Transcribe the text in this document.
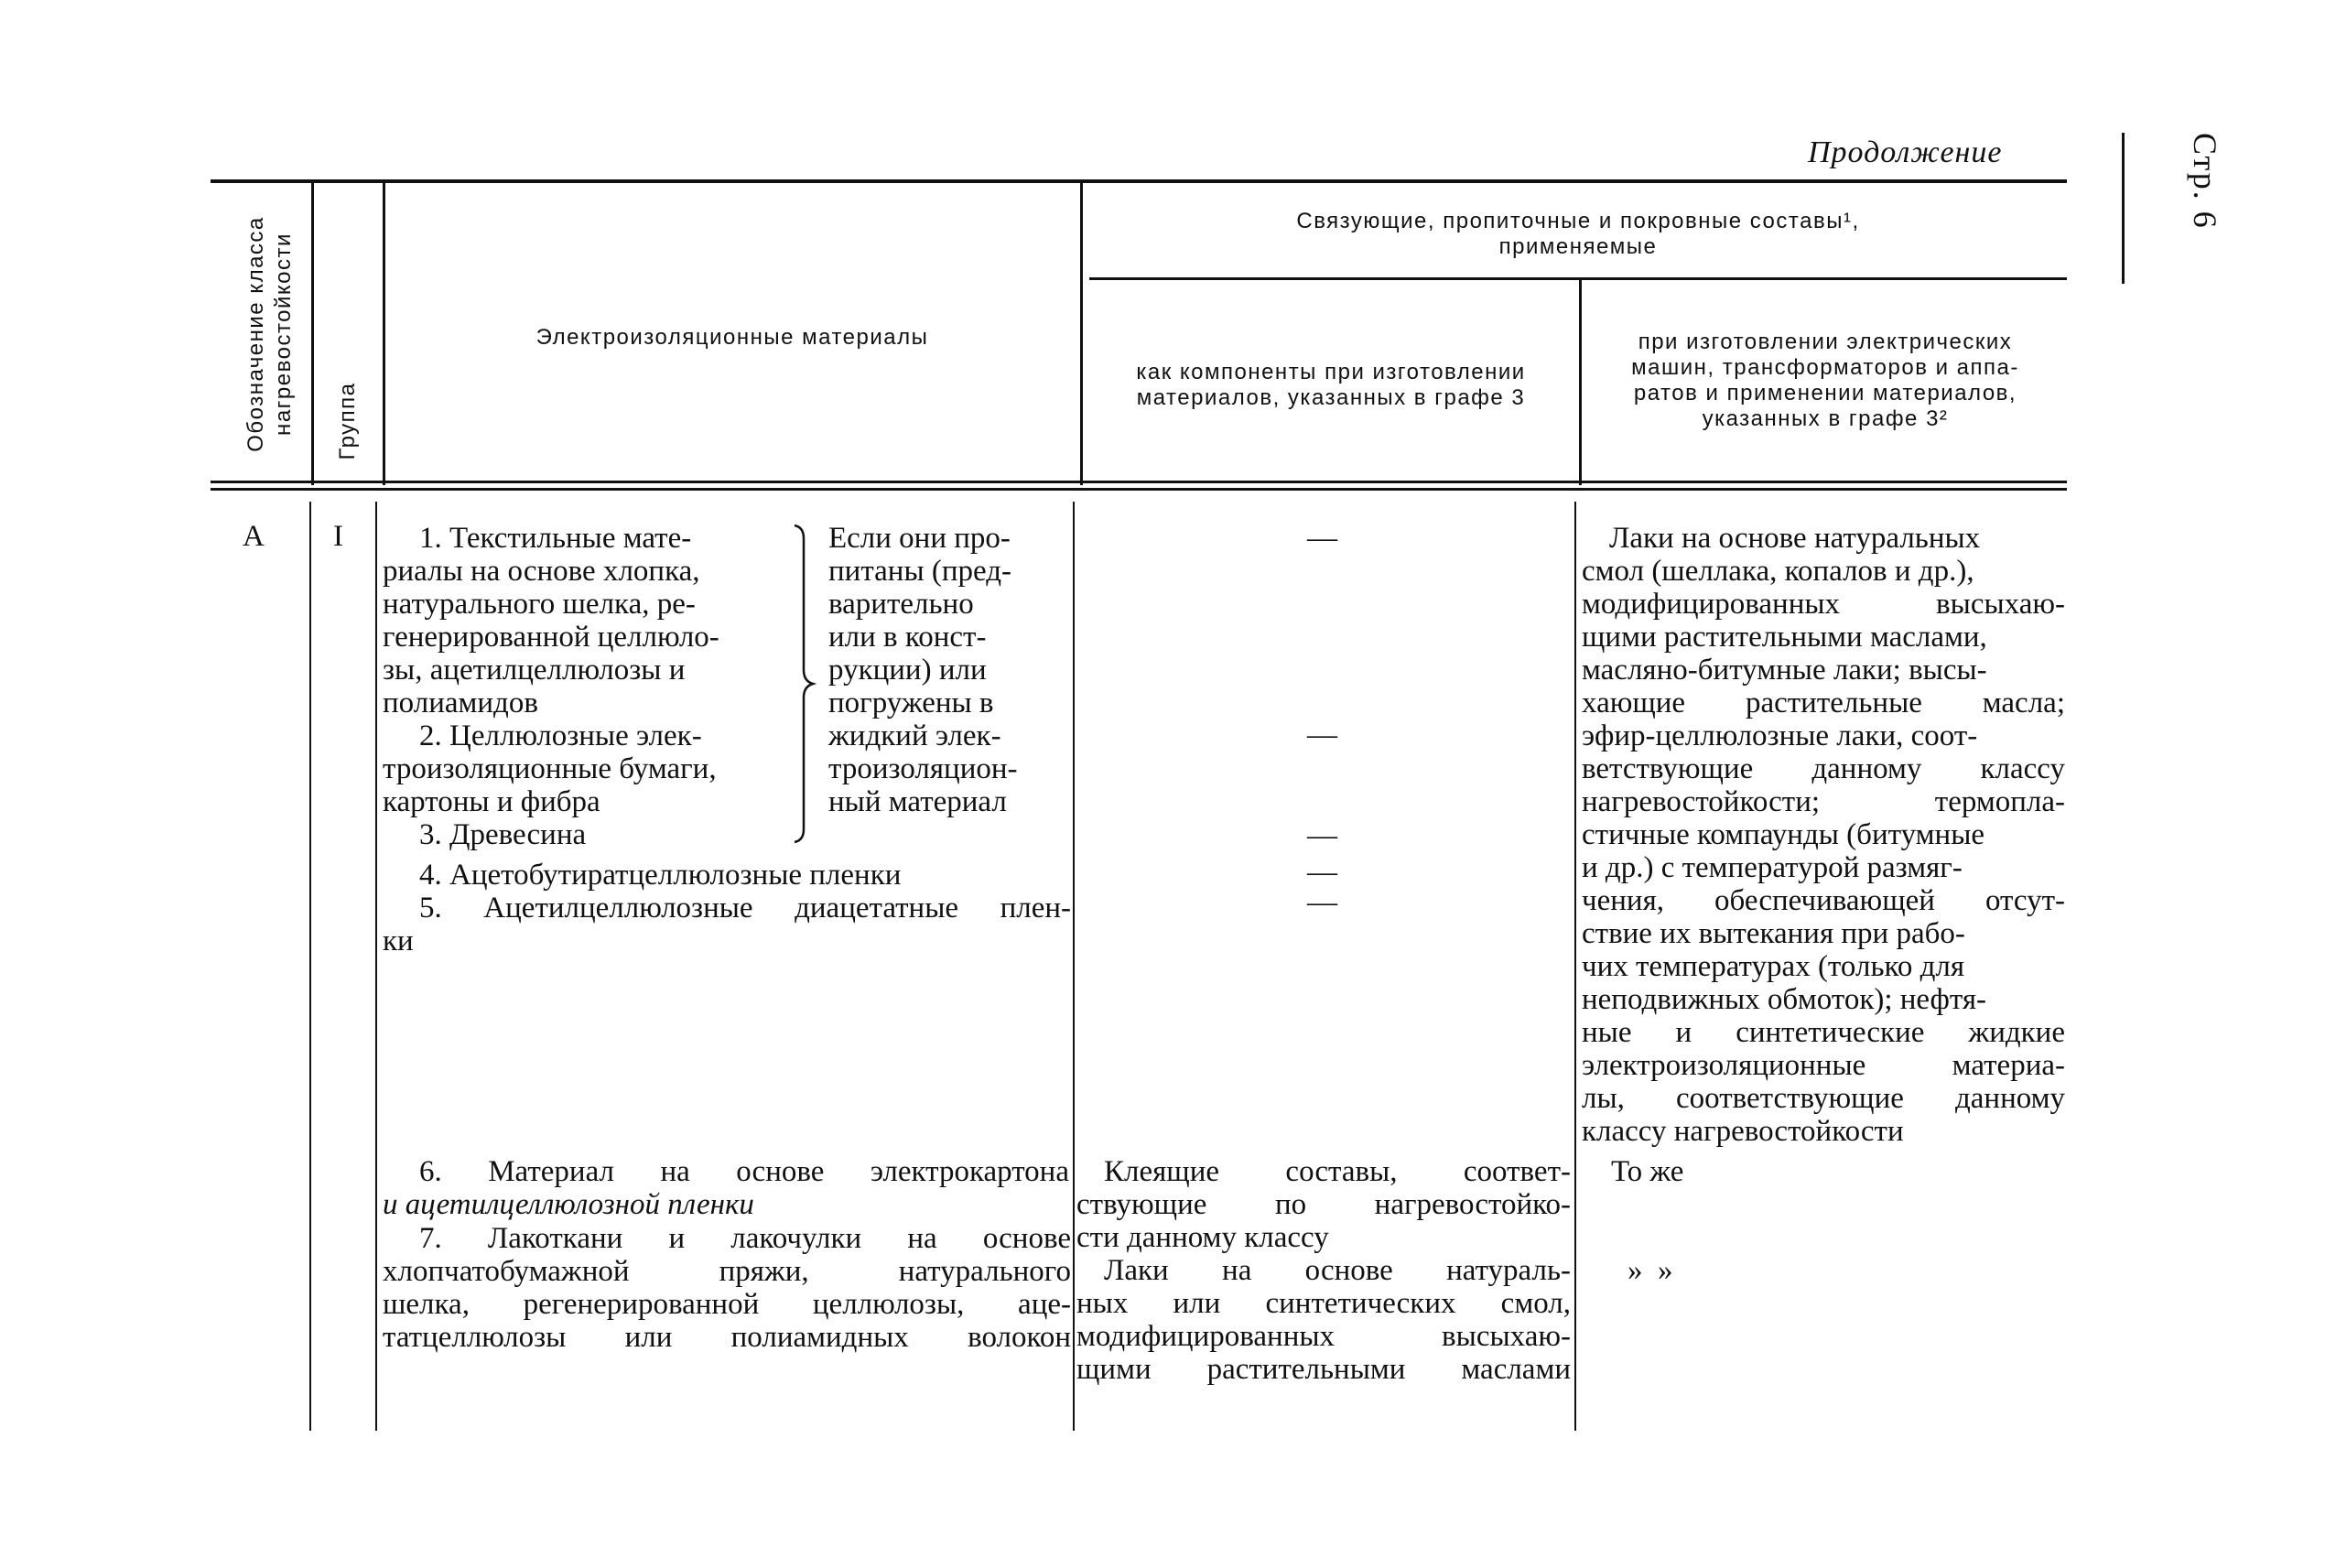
Продолжение	Стр. 6
Обозначение класса нагревостойкости Группа
Электроизоляционные материалы
Связующие, пропиточные и покровные составы¹,
применяемые
как компоненты при изготовлении
материалов, указанных в графе 3
при изготовлении электрических
машин, трансформаторов и аппа-
ратов и применении материалов,
указанных в графе 3²
А I	1. Текстильные мате-
риалы на основе хлопка,
натурального шелка, ре-
генерированной целлюло-
зы, ацетилцеллюлозы и
полиамидов
2. Целлюлозные элек-
троизоляционные бумаги,
картоны и фибра
3. Древесина
Если они про-
питаны (пред-
варительно
или в конст-
рукции) или
погружены в
жидкий элек-
троизоляцион-
ный материал
4. Ацетобутиратцеллюлозные пленки
5. Ацетилцеллюлозные диацетатные плен-
ки
—
—
—
—
—
Лаки на основе натуральных
смол (шеллака, копалов и др.),
модифицированных высыхаю-
щими растительными маслами,
масляно-битумные лаки; высы-
хающие растительные масла;
эфир-целлюлозные лаки, соот-
ветствующие данному классу
нагревостойкости; термопла-
стичные компаунды (битумные
и др.) с температурой размяг-
чения, обеспечивающей отсут-
ствие их вытекания при рабо-
чих температурах (только для
неподвижных обмоток); нефтя-
ные и синтетические жидкие
электроизоляционные материа-
лы, соответствующие данному
классу нагревостойкости
6. Материал на основе электрокартона
и ацетилцеллюлозной пленки
7. Лакоткани и лакочулки на основе
хлопчатобумажной пряжи, натурального
шелка, регенерированной целлюлозы, аце-
татцеллюлозы или полиамидных волокон
Клеящие составы, соответ-
ствующие по нагревостойко-
сти данному классу
Лаки на основе натураль-
ных или синтетических смол,
модифицированных высыхаю-
щими растительными маслами
То же
»  »
